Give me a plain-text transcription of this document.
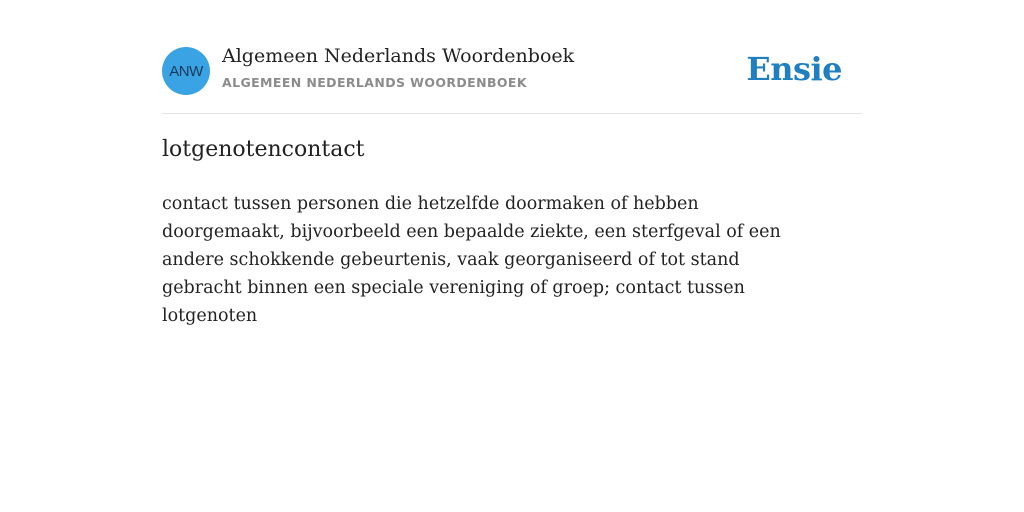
ANW
Algemeen Nederlands Woordenboek
ALGEMEEN NEDERLANDS WOORDENBOEK	Ensie
lotgenotencontact
contact tussen personen die hetzelfde doormaken of hebben doorgemaakt, bijvoorbeeld een bepaalde ziekte, een sterfgeval of een andere schokkende gebeurtenis, vaak georganiseerd of tot stand gebracht binnen een speciale vereniging of groep; contact tussen lotgenoten
